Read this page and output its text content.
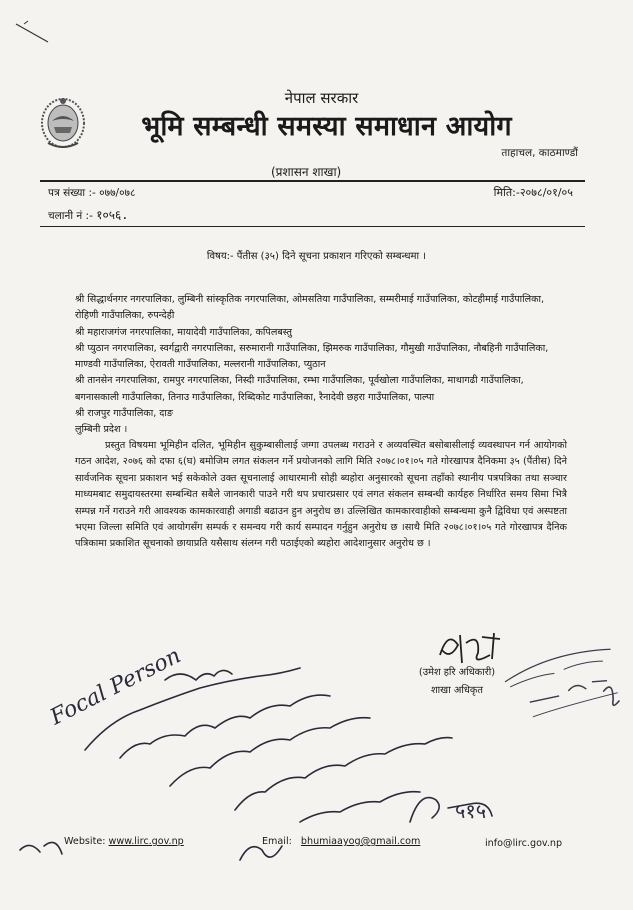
नेपाल सरकार
भूमि सम्बन्धी समस्या समाधान आयोग
ताहाचल, काठमाण्डौं
(प्रशासन शाखा)
पत्र संख्या :- ०७७/०७८	मिति:-२०७८/०१/०५
चलानी नं :- १०५६.
विषय:- पैंतीस (३५) दिने सूचना प्रकाशन गरिएको सम्बन्धमा ।

श्री सिद्धार्थनगर नगरपालिका, लुम्बिनी सांस्कृतिक नगरपालिका, ओमसतिया गाउँपालिका, सम्मरीमाई गाउँपालिका, कोटहीमाई गाउँपालिका, रोहिणी गाउँपालिका, रुपन्देही

श्री महाराजगंज नगरपालिका, मायादेवी गाउँपालिका, कपिलबस्तु

श्री प्युठान नगरपालिका, स्वर्गद्वारी नगरपालिका, सरुमारानी गाउँपालिका, झिमरुक गाउँपालिका, गौमुखी गाउँपालिका, नौबहिनी गाउँपालिका, माण्डवी गाउँपालिका, ऐरावती गाउँपालिका, मल्लरानी गाउँपालिका, प्युठान

श्री तानसेन नगरपालिका, रामपुर नगरपालिका, निस्दी गाउँपालिका, रम्भा गाउँपालिका, पूर्वखोला गाउँपालिका, माथागढी गाउँपालिका, बगनासकाली गाउँपालिका, तिनाउ गाउँपालिका, रिब्दिकोट गाउँपालिका, रैनादेवी छहरा गाउँपालिका, पाल्पा

श्री राजपुर गाउँपालिका, दाङ

लुम्बिनी प्रदेश ।

प्रस्तुत विषयमा भूमिहीन दलित, भूमिहीन सुकुम्बासीलाई जग्गा उपलब्ध गराउने र अव्यवस्थित बसोबासीलाई व्यवस्थापन गर्न आयोगको गठन आदेश, २०७६ को दफा ६(घ) बमोजिम लगत संकलन गर्ने प्रयोजनको लागि मिति २०७८।०१।०५ गते गोरखापत्र दैनिकमा ३५ (पैंतीस) दिने सार्वजनिक सूचना प्रकाशन भई सकेकोले उक्त सूचनालाई आधारमानी सोही ब्यहोरा अनुसारको सूचना तहाँको स्थानीय पत्रपत्रिका तथा सञ्चार माध्यमबाट समुदायस्तरमा सम्बन्धित सबैले जानकारी पाउने गरी थप प्रचारप्रसार एवं लगत संकलन सम्बन्धी कार्यहरु निर्धारित समय सिमा भित्रै सम्पन्न गर्ने गराउने गरी आवश्यक कामकारवाही अगाडी बढाउन हुन अनुरोध छ। उल्लिखित कामकारवाहीको सम्बन्धमा कुनै द्विविधा एवं अस्पष्टता भएमा जिल्ला समिति एवं आयोगसँग सम्पर्क र समन्वय गरी कार्य सम्पादन गर्नुहुन अनुरोध छ ।साथै मिति २०७८।०१।०५ गते गोरखापत्र दैनिक पत्रिकामा प्रकाशित सूचनाको छायाप्रति यसैसाथ संलग्न गरी पठाईएको ब्यहोरा आदेशानुसार अनुरोध छ ।

(उमेश हरि अधिकारी)
शाखा अधिकृत
Focal Person
५१५
Website: www.lirc.gov.np	Email: bhumiaayog@gmail.com	info@lirc.gov.np
